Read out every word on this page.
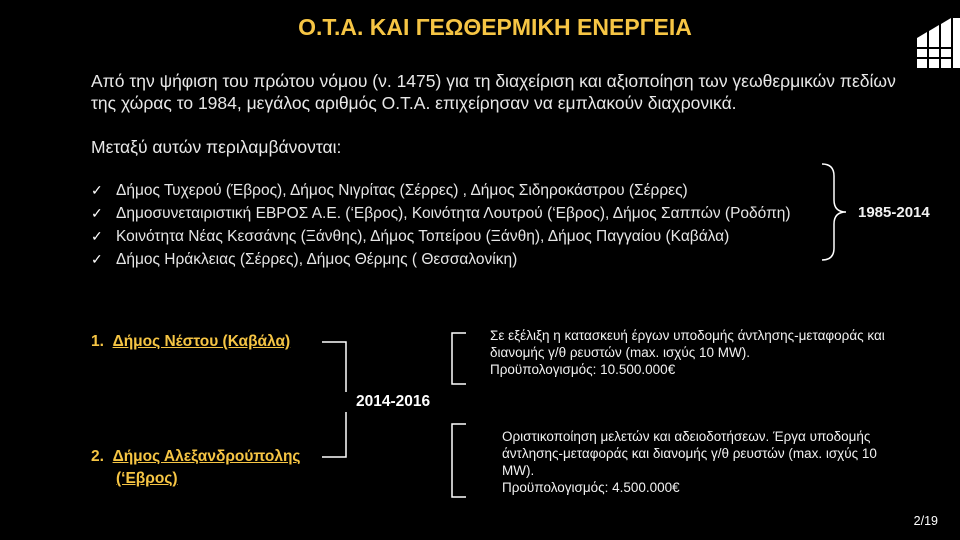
Ο.Τ.Α. ΚΑΙ ΓΕΩΘΕΡΜΙΚΗ ΕΝΕΡΓΕΙΑ
Από την ψήφιση του πρώτου νόμου (ν. 1475) για τη διαχείριση και αξιοποίηση των γεωθερμικών πεδίων
της χώρας το 1984, μεγάλος αριθμός Ο.Τ.Α. επιχείρησαν να εμπλακούν διαχρονικά.
Μεταξύ αυτών περιλαμβάνονται:
✓ Δήμος Τυχερού (Έβρος), Δήμος Νιγρίτας (Σέρρες) , Δήμος Σιδηροκάστρου (Σέρρες)
✓ Δημοσυνεταιριστική ΕΒΡΟΣ Α.Ε. (‘Εβρος), Κοινότητα Λουτρού (‘Εβρος), Δήμος Σαππών (Ροδόπη)
✓ Κοινότητα Νέας Κεσσάνης (Ξάνθης), Δήμος Τοπείρου (Ξάνθη), Δήμος Παγγαίου (Καβάλα)
✓ Δήμος Ηράκλειας (Σέρρες), Δήμος Θέρμης ( Θεσσαλονίκη)
1985-2014
2014-2016
1. Δήμος Νέστου (Καβάλα)	Σε εξέλιξη η κατασκευή έργων υποδομής άντλησης-μεταφοράς και
διανομής γ/θ ρευστών (max. ισχύς 10 MW).
Προϋπολογισμός: 10.500.000€
2. Δήμος Αλεξανδρούπολης
(‘Εβρος)
Οριστικοποίηση μελετών και αδειοδοτήσεων. Έργα υποδομής
άντλησης-μεταφοράς και διανομής γ/θ ρευστών (max. ισχύς 10
MW).
Προϋπολογισμός: 4.500.000€
2/19
